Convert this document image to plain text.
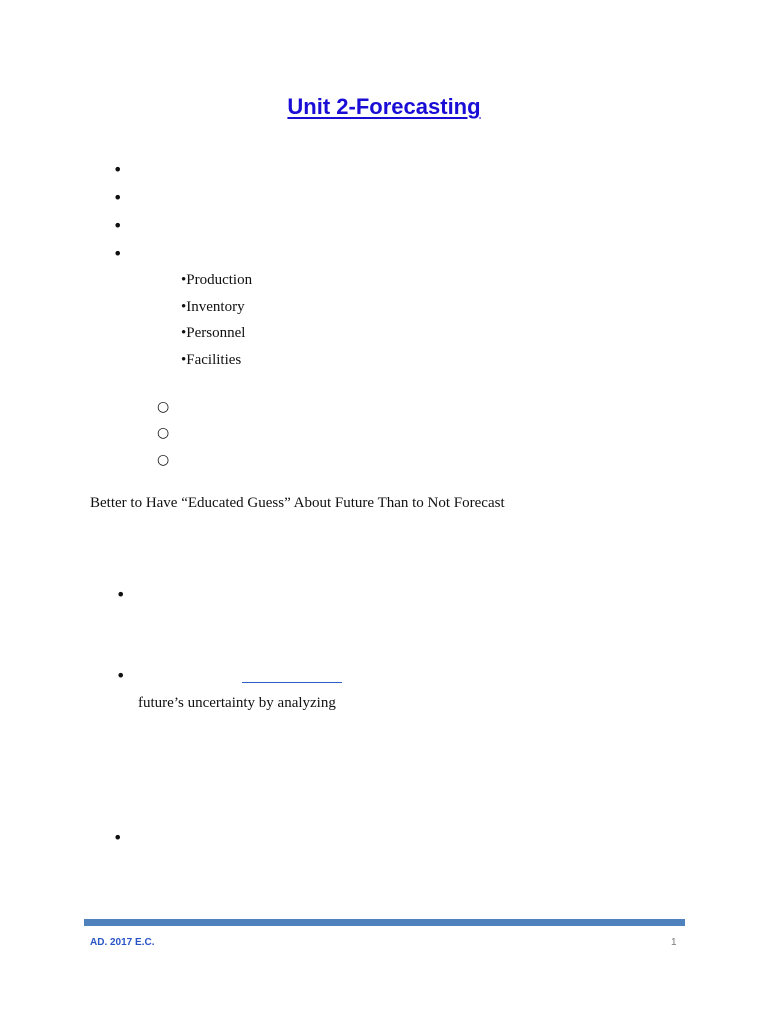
Unit 2-Forecasting
•
•
•
•
•Production
•Inventory
•Personnel
•Facilities
○
○
○
Better to Have “Educated Guess” About Future Than to Not Forecast
•
•
future’s uncertainty by analyzing
•
AD. 2017 E.C.	1
